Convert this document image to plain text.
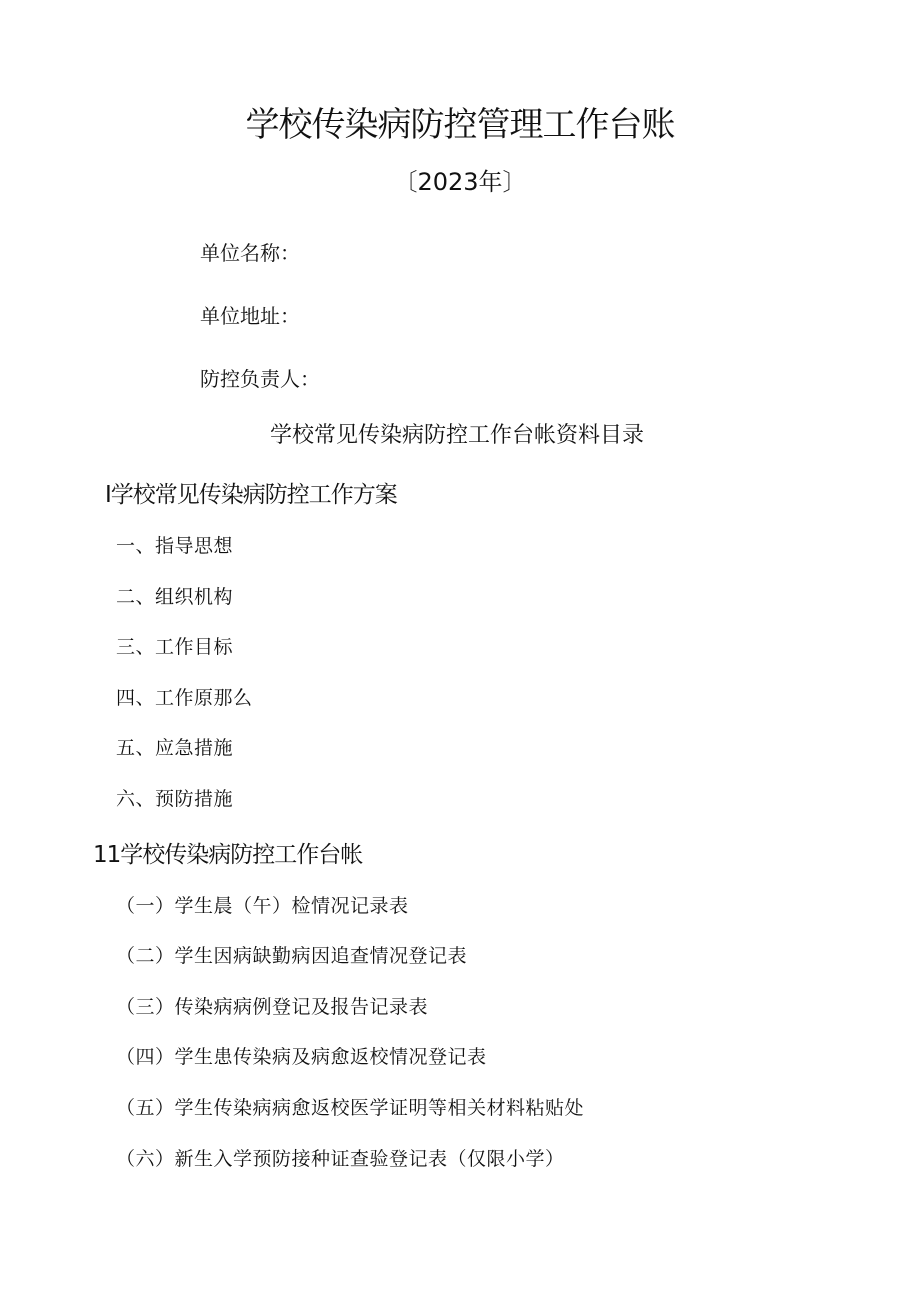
学校传染病防控管理工作台账
〔2023年〕
单位名称：
单位地址：
防控负责人：
学校常见传染病防控工作台帐资料目录
I学校常见传染病防控工作方案
一、指导思想
二、组织机构
三、工作目标
四、工作原那么
五、应急措施
六、预防措施
11学校传染病防控工作台帐
（一）学生晨（午）检情况记录表
（二）学生因病缺勤病因追查情况登记表
（三）传染病病例登记及报告记录表
（四）学生患传染病及病愈返校情况登记表
（五）学生传染病病愈返校医学证明等相关材料粘贴处
（六）新生入学预防接种证查验登记表（仅限小学）
